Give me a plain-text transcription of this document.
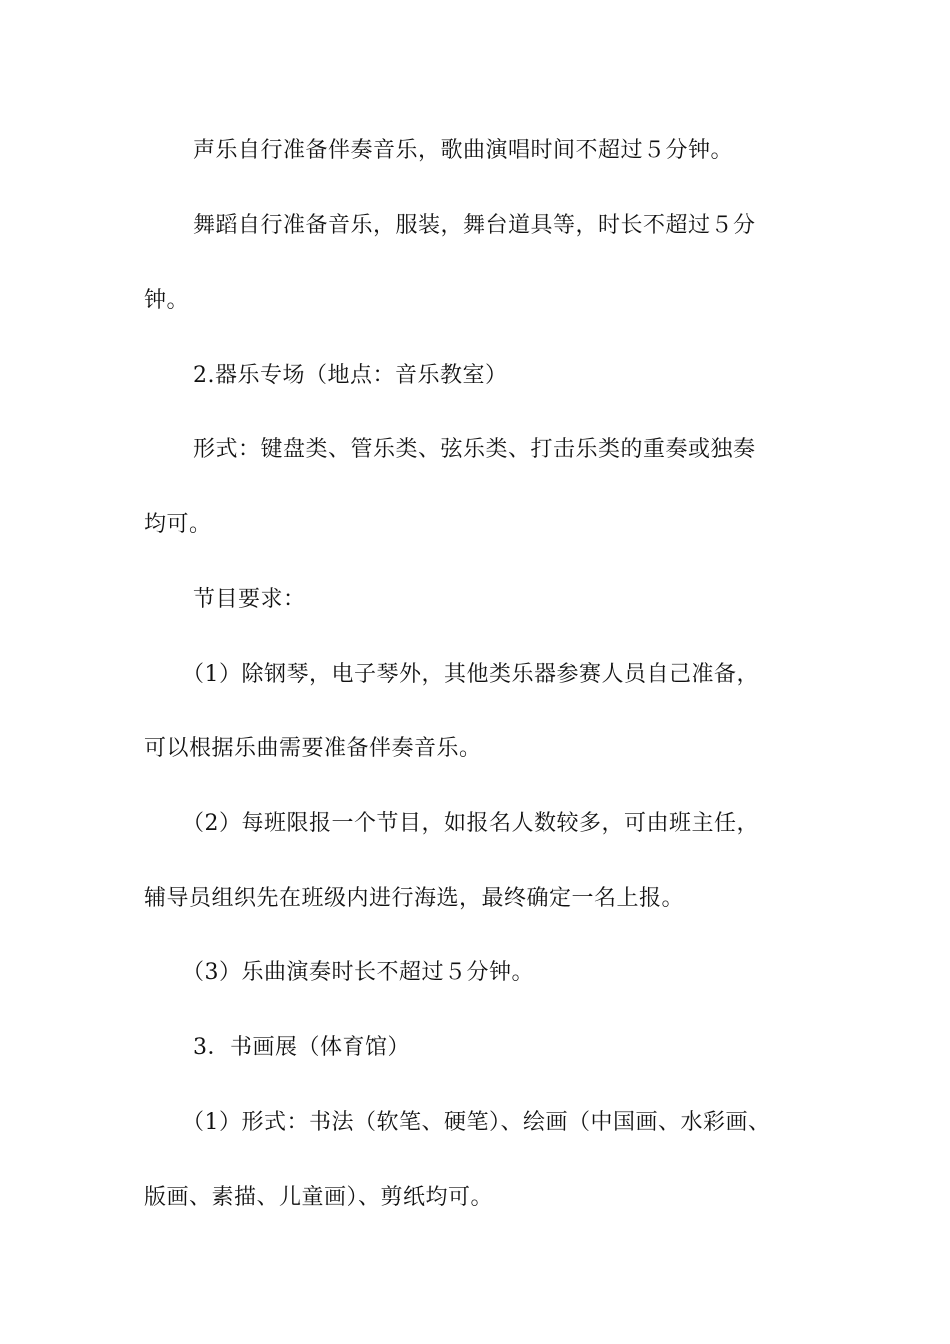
声乐自行准备伴奏音乐，歌曲演唱时间不超过５分钟。
舞蹈自行准备音乐，服装，舞台道具等，时长不超过５分
钟。
2.器乐专场（地点：音乐教室）
形式：键盘类、管乐类、弦乐类、打击乐类的重奏或独奏
均可。
节目要求：
（1）除钢琴，电子琴外，其他类乐器参赛人员自己准备，
可以根据乐曲需要准备伴奏音乐。
（2）每班限报一个节目，如报名人数较多，可由班主任，
辅导员组织先在班级内进行海选，最终确定一名上报。
（3）乐曲演奏时长不超过５分钟。
3．书画展（体育馆）
（1）形式：书法（软笔、硬笔）、绘画（中国画、水彩画、
版画、素描、儿童画）、剪纸均可。
